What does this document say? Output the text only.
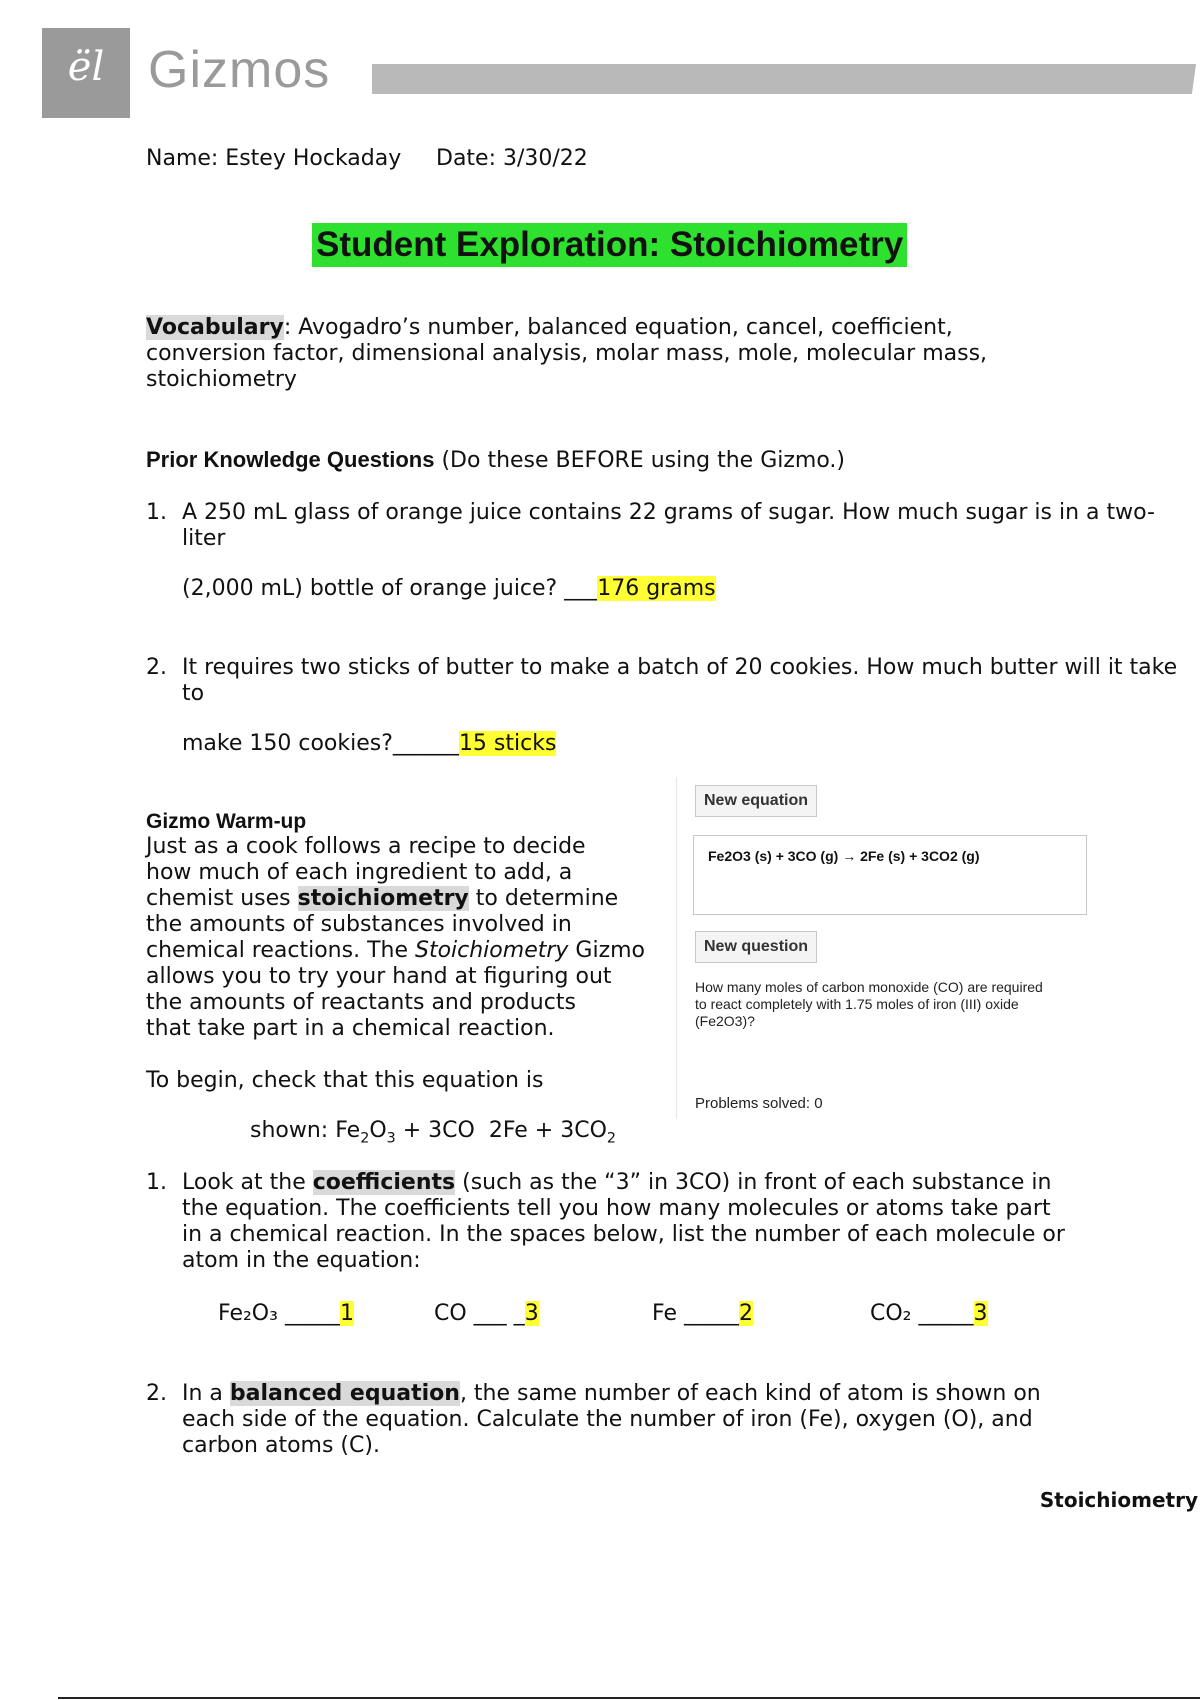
ël Gizmos
Name: Estey Hockaday Date: 3/30/22
Student Exploration: Stoichiometry
Vocabulary: Avogadro’s number, balanced equation, cancel, coefficient,
conversion factor, dimensional analysis, molar mass, mole, molecular mass,
stoichiometry
Prior Knowledge Questions (Do these BEFORE using the Gizmo.)
1. A 250 mL glass of orange juice contains 22 grams of sugar. How much sugar is in a two-
liter
(2,000 mL) bottle of orange juice? ___176 grams
2. It requires two sticks of butter to make a batch of 20 cookies. How much butter will it take
to
make 150 cookies?______15 sticks
Gizmo Warm-up
Just as a cook follows a recipe to decide
how much of each ingredient to add, a
chemist uses stoichiometry to determine
the amounts of substances involved in
chemical reactions. The Stoichiometry Gizmo
allows you to try your hand at figuring out
the amounts of reactants and products
that take part in a chemical reaction.
To begin, check that this equation is
shown: $Fe_2O_3 + 3CO$  $2Fe + 3CO_2$
New equation
Fe2O3 (s) + 3CO (g) → 2Fe (s) + 3CO2 (g)
New question
How many moles of carbon monoxide (CO) are required to react completely with 1.75 moles of iron (III) oxide (Fe2O3)?
Problems solved: 0
1. Look at the coefficients (such as the “3” in 3CO) in front of each substance in
the equation. The coefficients tell you how many molecules or atoms take part
in a chemical reaction. In the spaces below, list the number of each molecule or
atom in the equation:
Fe₂O₃ _____1	CO ___ _3	Fe _____2	CO₂ _____3
2. In a balanced equation, the same number of each kind of atom is shown on
each side of the equation. Calculate the number of iron (Fe), oxygen (O), and
carbon atoms (C).
Stoichiometry
